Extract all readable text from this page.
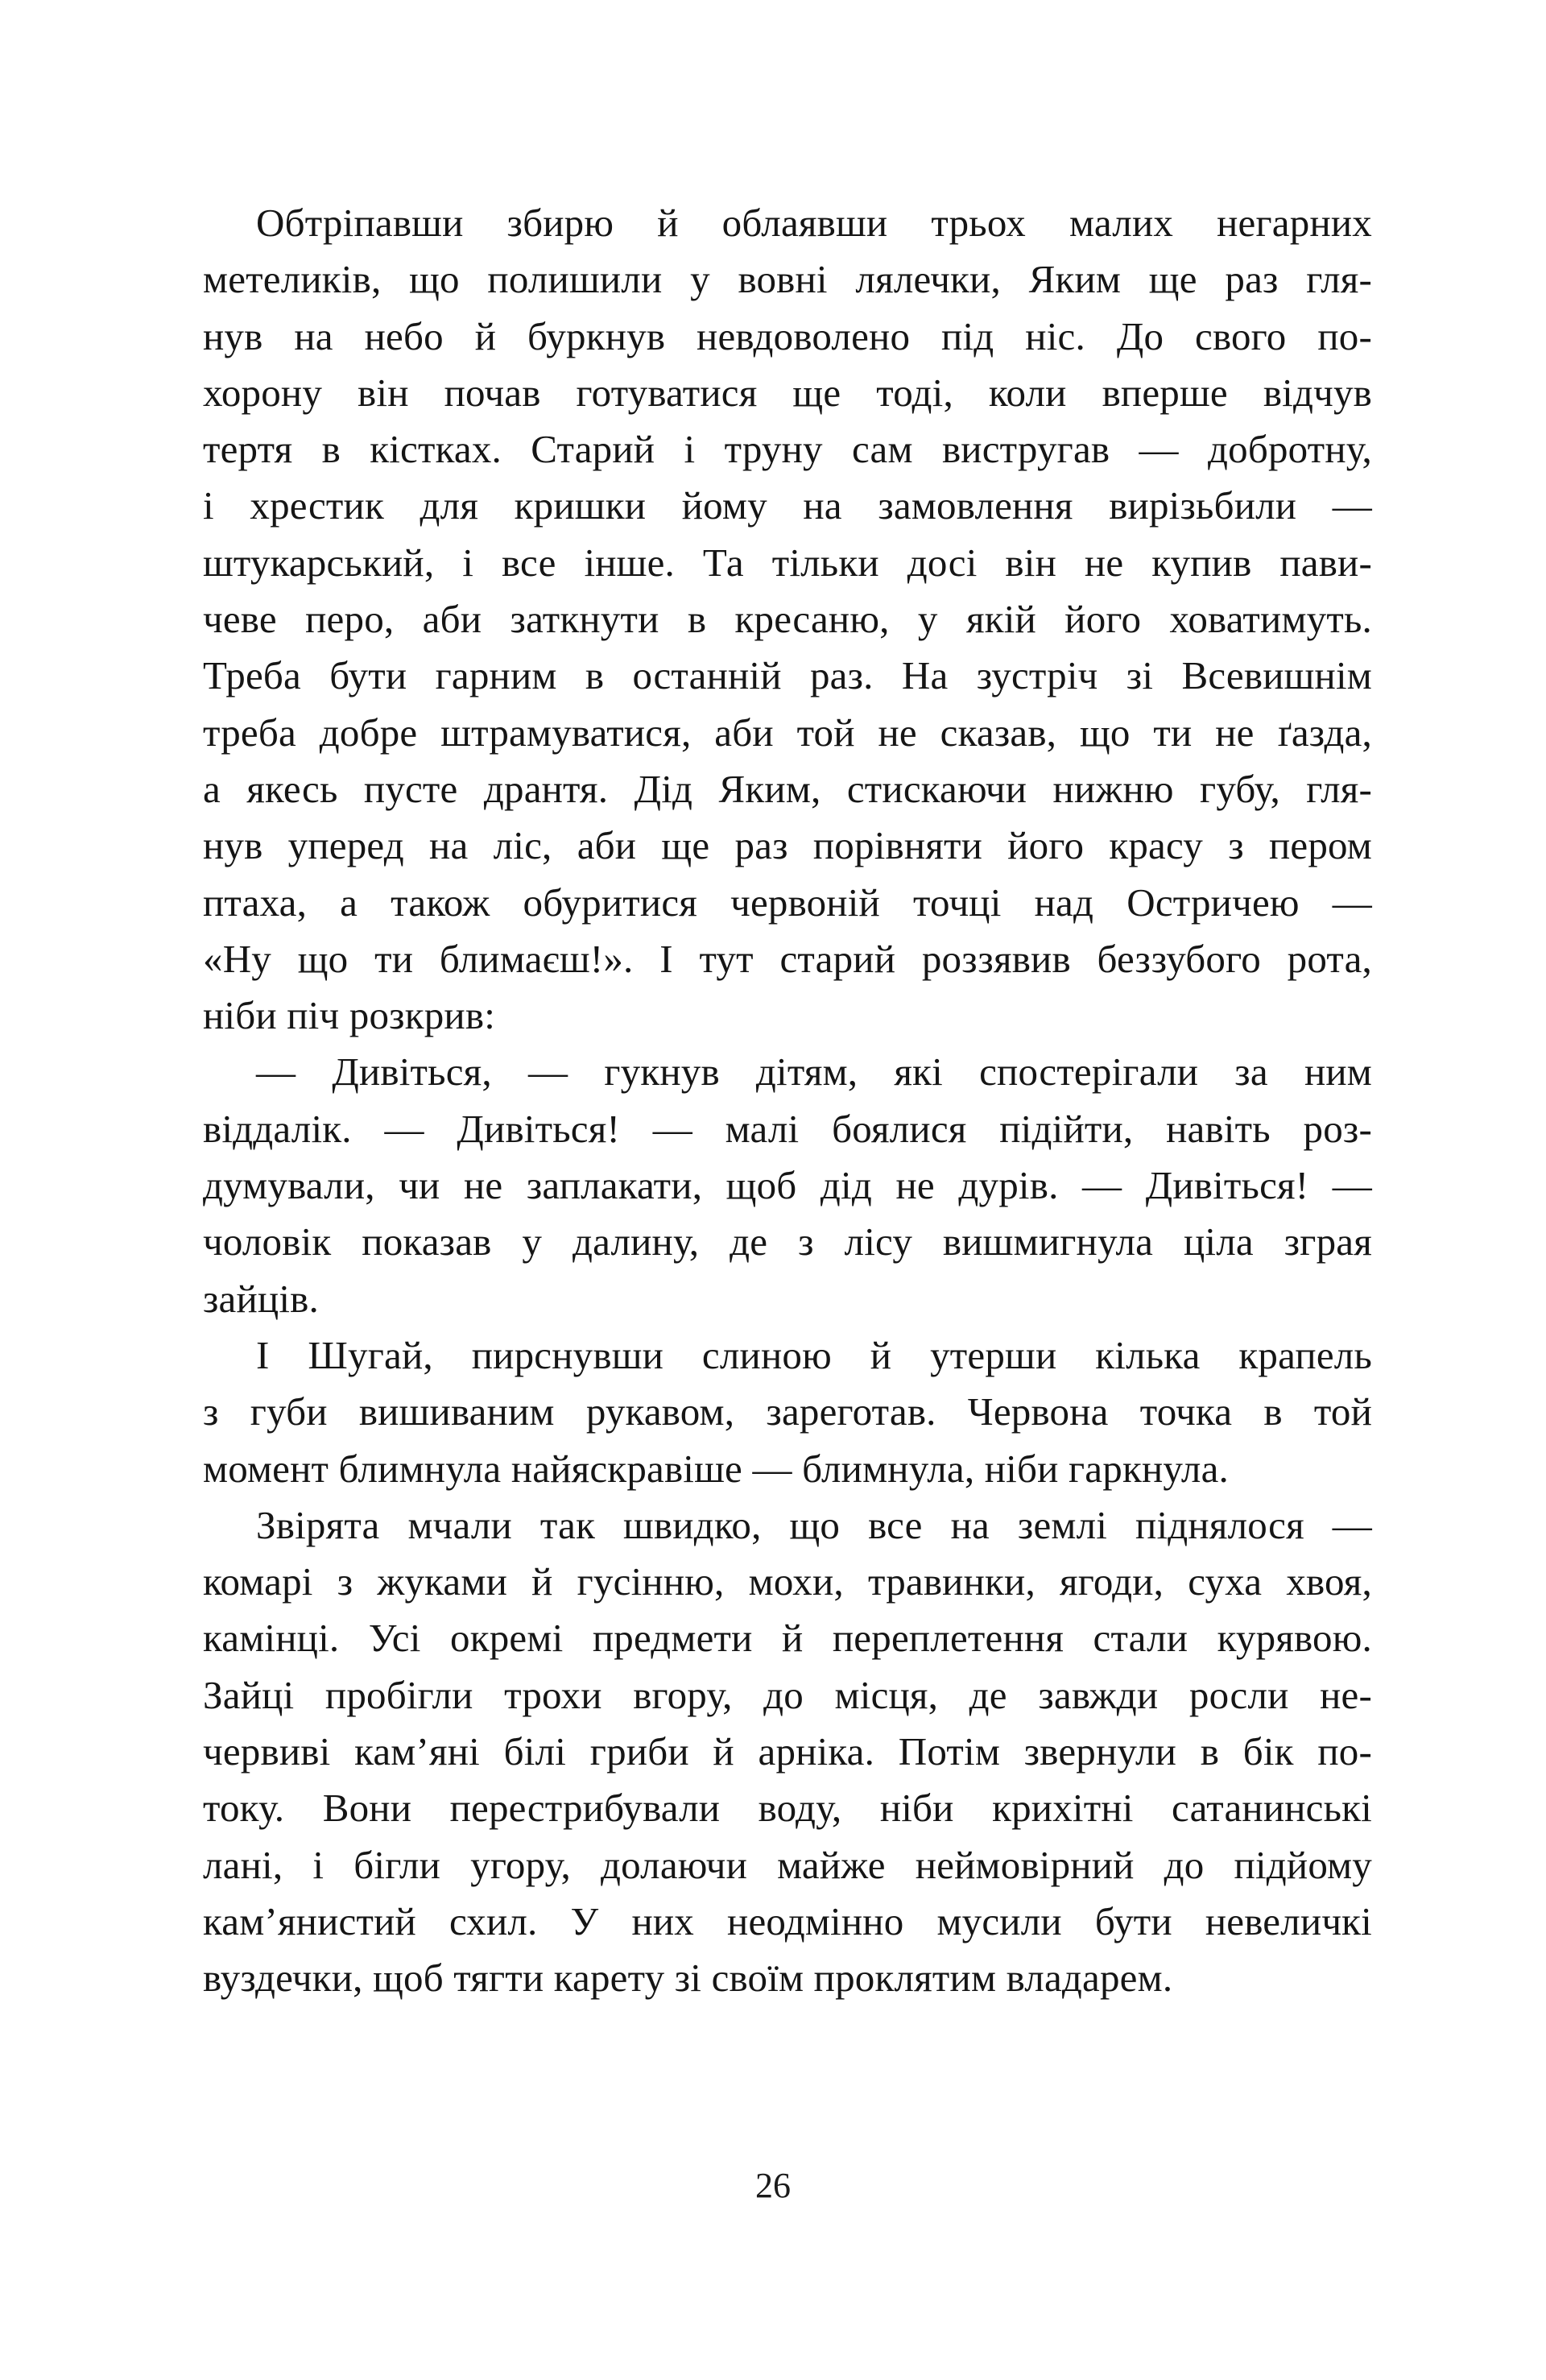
Обтріпавши збирю й облаявши трьох малих негарних
метеликів, що полишили у вовні лялечки, Яким ще раз гля-
нув на небо й буркнув невдоволено під ніс. До свого по-
хорону він почав готуватися ще тоді, коли вперше відчув
тертя в кістках. Старий і труну сам вистругав — добротну,
і хрестик для кришки йому на замовлення вирізьбили —
штукарський, і все інше. Та тільки досі він не купив пави-
чеве перо, аби заткнути в кресаню, у якій його ховатимуть.
Треба бути гарним в останній раз. На зустріч зі Всевишнім
треба добре штрамуватися, аби той не сказав, що ти не ґазда,
а якесь пусте дрантя. Дід Яким, стискаючи нижню губу, гля-
нув уперед на ліс, аби ще раз порівняти його красу з пером
птаха, а також обуритися червоній точці над Остричею —
«Ну що ти блимаєш!». І тут старий роззявив беззубого рота,
ніби піч розкрив:
— Дивіться, — гукнув дітям, які спостерігали за ним
віддалік. — Дивіться! — малі боялися підійти, навіть роз-
думували, чи не заплакати, щоб дід не дурів. — Дивіться! —
чоловік показав у далину, де з лісу вишмигнула ціла зграя
зайців.
І Шугай, пирснувши слиною й утерши кілька крапель
з губи вишиваним рукавом, зареготав. Червона точка в той
момент блимнула найяскравіше — блимнула, ніби гаркнула.
Звірята мчали так швидко, що все на землі піднялося —
комарі з жуками й гусінню, мохи, травинки, ягоди, суха хвоя,
камінці. Усі окремі предмети й переплетення стали курявою.
Зайці пробігли трохи вгору, до місця, де завжди росли не-
червиві кам’яні білі гриби й арніка. Потім звернули в бік по-
току. Вони перестрибували воду, ніби крихітні сатанинські
лані, і бігли угору, долаючи майже неймовірний до підйому
кам’янистий схил. У них неодмінно мусили бути невеличкі
вуздечки, щоб тягти карету зі своїм проклятим владарем.
26
